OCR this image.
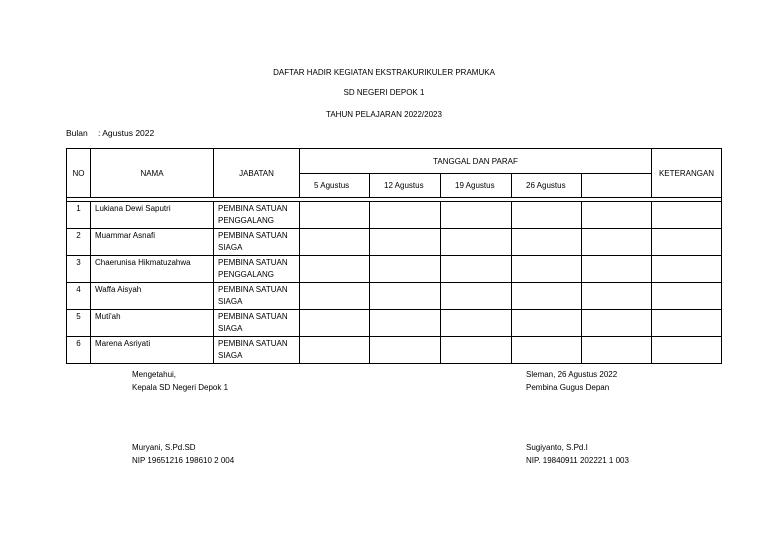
DAFTAR HADIR KEGIATAN EKSTRAKURIKULER PRAMUKA
SD NEGERI DEPOK 1
TAHUN PELAJARAN 2022/2023
Bulan : Agustus 2022
NO	NAMA	JABATAN	TANGGAL DAN PARAF					KETERANGAN
			5 Agustus	12 Agustus	19 Agustus	26 Agustus		

1	Lukiana Dewi Saputri	PEMBINA SATUAN
PENGGALANG						

2	Muammar Asnafi	PEMBINA SATUAN
SIAGA						

3	Chaerunisa Hikmatuzahwa	PEMBINA SATUAN
PENGGALANG						

4	Waffa Aisyah	PEMBINA SATUAN
SIAGA						

5	Muti'ah	PEMBINA SATUAN
SIAGA						

6	Marena Asriyati	PEMBINA SATUAN
SIAGA						

Mengetahui,
Kepala SD Negeri Depok 1
Muryani, S.Pd.SD
NIP 19651216 198610 2 004
Sleman, 26 Agustus 2022
Pembina Gugus Depan
Sugiyanto, S.Pd.I
NIP. 19840911 202221 1 003
